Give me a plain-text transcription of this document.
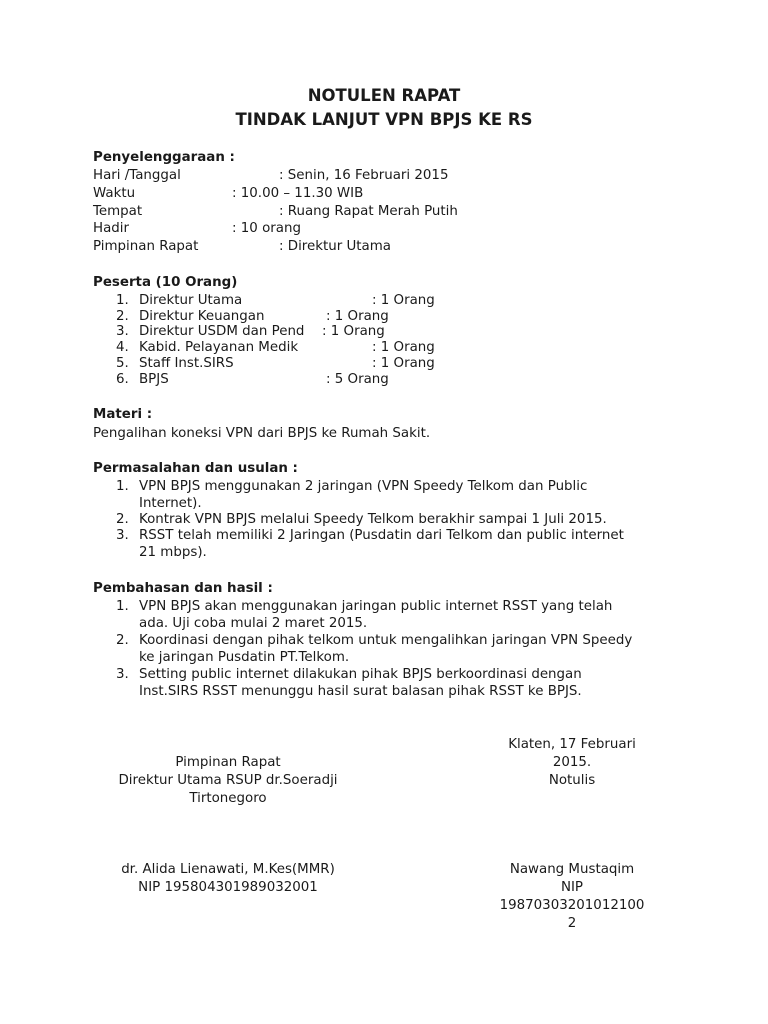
NOTULEN RAPAT
TINDAK LANJUT VPN BPJS KE RS
Penyelenggaraan :
Hari /Tanggal	: Senin, 16 Februari 2015
Waktu	: 10.00 – 11.30 WIB
Tempat	: Ruang Rapat Merah Putih
Hadir	: 10 orang
Pimpinan Rapat	: Direktur Utama
Peserta (10 Orang)
1. Direktur Utama	: 1 Orang
2. Direktur Keuangan	: 1 Orang
3. Direktur USDM dan Pend : 1 Orang
4. Kabid. Pelayanan Medik	: 1 Orang
5. Staff Inst.SIRS	: 1 Orang
6. BPJS	: 5 Orang
Materi :
Pengalihan koneksi VPN dari BPJS ke Rumah Sakit.
Permasalahan dan usulan :
1. VPN BPJS menggunakan 2 jaringan (VPN Speedy Telkom dan Public
Internet).
2. Kontrak VPN BPJS melalui Speedy Telkom berakhir sampai 1 Juli 2015.
3. RSST telah memiliki 2 Jaringan (Pusdatin dari Telkom dan public internet
21 mbps).
Pembahasan dan hasil :
1. VPN BPJS akan menggunakan jaringan public internet RSST yang telah
ada. Uji coba mulai 2 maret 2015.
2. Koordinasi dengan pihak telkom untuk mengalihkan jaringan VPN Speedy
ke jaringan Pusdatin PT.Telkom.
3. Setting public internet dilakukan pihak BPJS berkoordinasi dengan
Inst.SIRS RSST menunggu hasil surat balasan pihak RSST ke BPJS.
Pimpinan Rapat
Direktur Utama RSUP dr.Soeradji
Tirtonegoro
dr. Alida Lienawati, M.Kes(MMR)
NIP 195804301989032001
Klaten, 17 Februari
2015.
Notulis
Nawang Mustaqim
NIP
19870303201012100
2
